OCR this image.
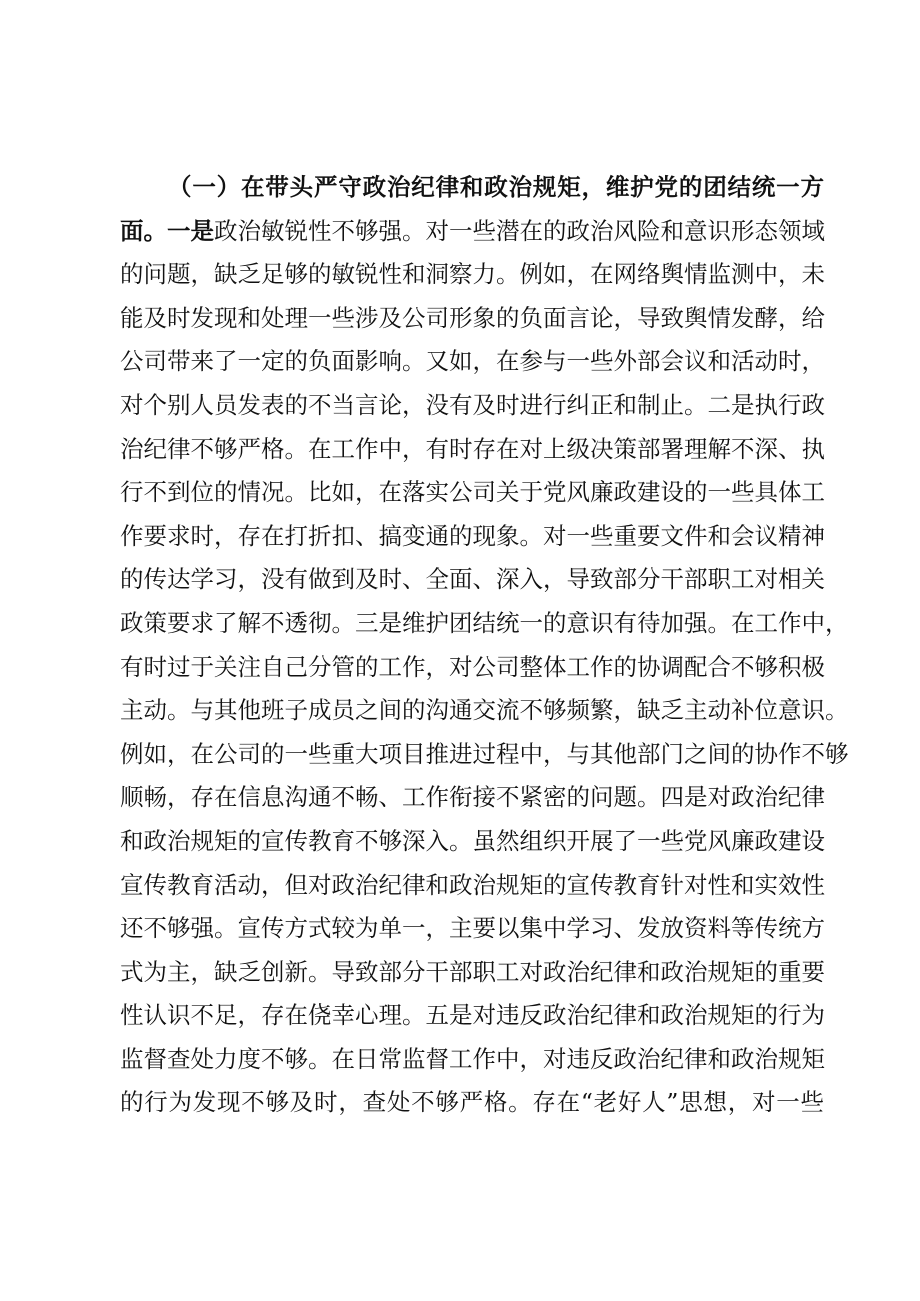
（一）在带头严守政治纪律和政治规矩，维护党的团结统一方
面。一是政治敏锐性不够强。对一些潜在的政治风险和意识形态领域
的问题，缺乏足够的敏锐性和洞察力。例如，在网络舆情监测中，未
能及时发现和处理一些涉及公司形象的负面言论，导致舆情发酵，给
公司带来了一定的负面影响。又如，在参与一些外部会议和活动时，
对个别人员发表的不当言论，没有及时进行纠正和制止。二是执行政
治纪律不够严格。在工作中，有时存在对上级决策部署理解不深、执
行不到位的情况。比如，在落实公司关于党风廉政建设的一些具体工
作要求时，存在打折扣、搞变通的现象。对一些重要文件和会议精神
的传达学习，没有做到及时、全面、深入，导致部分干部职工对相关
政策要求了解不透彻。三是维护团结统一的意识有待加强。在工作中，
有时过于关注自己分管的工作，对公司整体工作的协调配合不够积极
主动。与其他班子成员之间的沟通交流不够频繁，缺乏主动补位意识。
例如，在公司的一些重大项目推进过程中，与其他部门之间的协作不够
顺畅，存在信息沟通不畅、工作衔接不紧密的问题。四是对政治纪律
和政治规矩的宣传教育不够深入。虽然组织开展了一些党风廉政建设
宣传教育活动，但对政治纪律和政治规矩的宣传教育针对性和实效性
还不够强。宣传方式较为单一，主要以集中学习、发放资料等传统方
式为主，缺乏创新。导致部分干部职工对政治纪律和政治规矩的重要
性认识不足，存在侥幸心理。五是对违反政治纪律和政治规矩的行为
监督查处力度不够。在日常监督工作中，对违反政治纪律和政治规矩
的行为发现不够及时，查处不够严格。存在“老好人”思想，对一些
